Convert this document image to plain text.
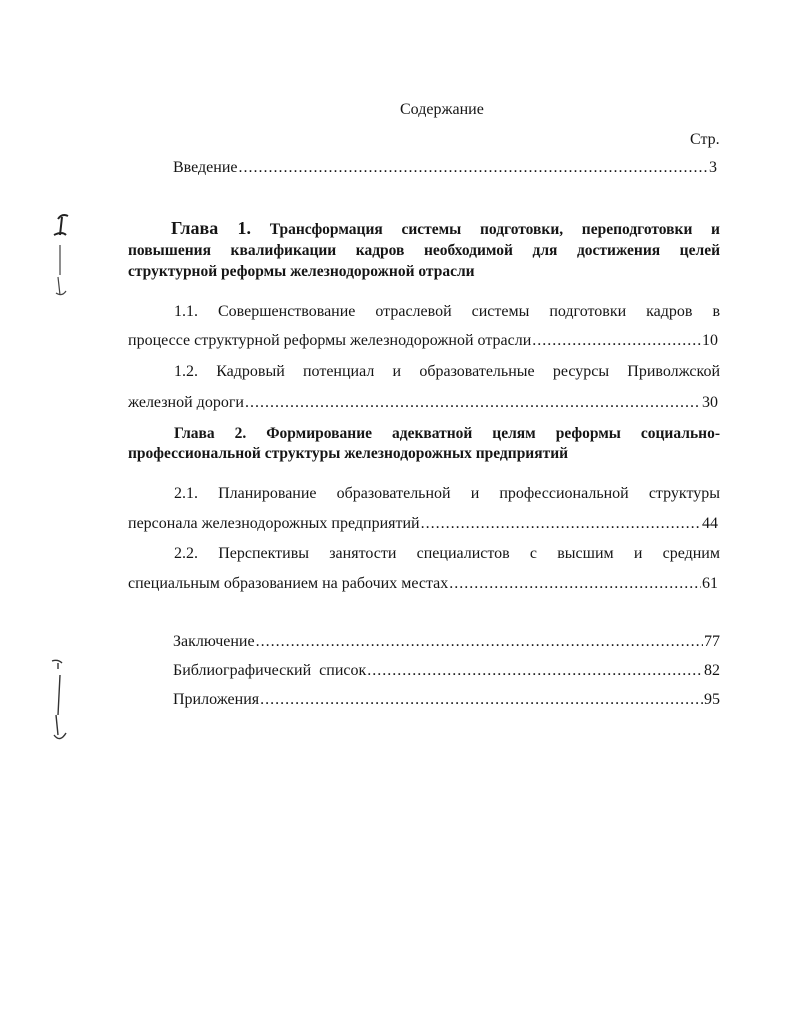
Содержание
Стр.
Введение .....	3
Глава 1. Трансформация системы подготовки, переподготовки и
повышения квалификации кадров необходимой для достижения целей
структурной реформы железнодорожной отрасли
1.1. Совершенствование отраслевой системы подготовки кадров в
процессе структурной реформы железнодорожной отрасли .....	10
1.2. Кадровый потенциал и образовательные ресурсы Приволжской
железной дороги .....	30
Глава 2. Формирование адекватной целям реформы социально-
профессиональной структуры железнодорожных предприятий
2.1. Планирование образовательной и профессиональной структуры
персонала железнодорожных предприятий .....	44
2.2. Перспективы занятости специалистов с высшим и средним
специальным образованием на рабочих местах .....	61
Заключение .....	77
Библиографический  список .....	82
Приложения .....	95
